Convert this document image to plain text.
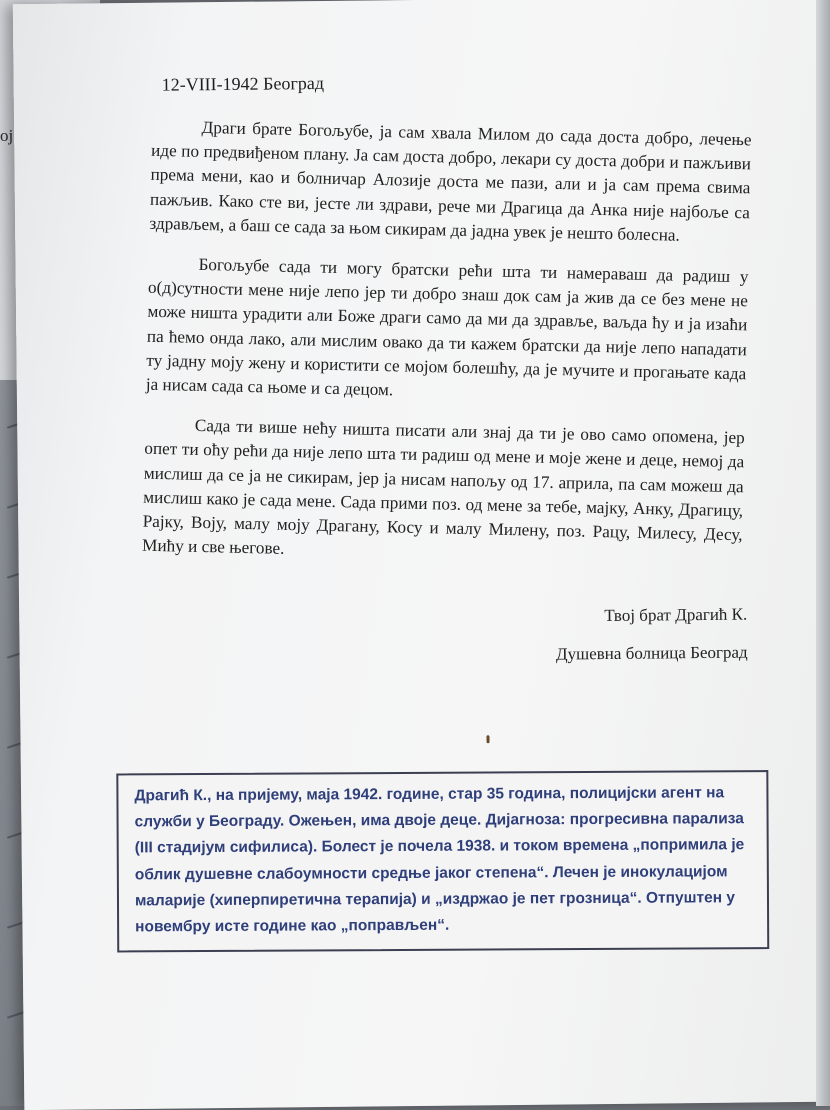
oj
12-VIII-1942 Београд

Драги брате Богољубе, ја сам хвала Милом до сада доста добро, лечење иде по предвиђеном плану. Ја сам доста добро, лекари су доста добри и пажљиви према мени, као и болничар Алозије доста ме пази, али и ја сам према свима пажљив. Како сте ви, јесте ли здрави, рече ми Драгица да Анка није најбоље са здрављем, а баш се сада за њом сикирам да јадна увек је нешто болесна.

Богољубе сада ти могу братски рећи шта ти намераваш да радиш у о(д)сутности мене није лепо јер ти добро знаш док сам ја жив да се без мене не може ништа урадити али Боже драги само да ми да здравље, ваљда ћу и ја изаћи па ћемо онда лако, али мислим овако да ти кажем братски да није лепо нападати ту јадну моју жену и користити се мојом болешћу, да је мучите и прогањате када ја нисам сада са њоме и са децом.

Сада ти више нећу ништа писати али знај да ти је ово само опомена, јер опет ти оћу рећи да није лепо шта ти радиш од мене и моје жене и деце, немој да мислиш да се ја не сикирам, јер ја нисам напољу од 17. априла, па сам можеш да мислиш како је сада мене. Сада прими поз. од мене за тебе, мајку, Анку, Драгицу, Рајку, Воју, малу моју Драгану, Косу и малу Милену, поз. Рацу, Милесу, Десу, Мићу и све његове.

Твој брат Драгић К.
Душевна болница Београд
Драгић К., на пријему, маја 1942. године, стар 35 година, полицијски агент на служби у Београду. Ожењен, има двоје деце. Дијагноза: прогресивна парализа (III стадијум сифилиса). Болест је почела 1938. и током времена „попримила је облик душевне слабоумности средње јаког степена“. Лечен је инокулацијом маларије (хиперпиретична терапија) и „издржао је пет грозница“. Отпуштен у новембру исте године као „поправљен“.
